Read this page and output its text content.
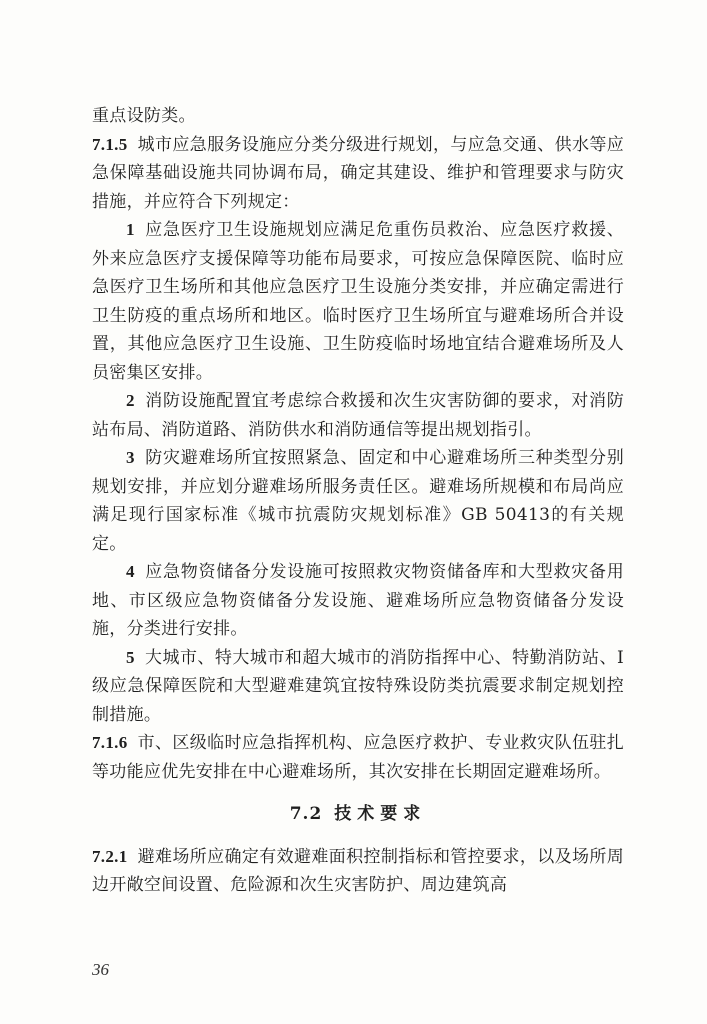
重点设防类。

7.1.5 城市应急服务设施应分类分级进行规划，与应急交通、供水等应急保障基础设施共同协调布局，确定其建设、维护和管理要求与防灾措施，并应符合下列规定：

1 应急医疗卫生设施规划应满足危重伤员救治、应急医疗救援、外来应急医疗支援保障等功能布局要求，可按应急保障医院、临时应急医疗卫生场所和其他应急医疗卫生设施分类安排，并应确定需进行卫生防疫的重点场所和地区。临时医疗卫生场所宜与避难场所合并设置，其他应急医疗卫生设施、卫生防疫临时场地宜结合避难场所及人员密集区安排。

2 消防设施配置宜考虑综合救援和次生灾害防御的要求，对消防站布局、消防道路、消防供水和消防通信等提出规划指引。

3 防灾避难场所宜按照紧急、固定和中心避难场所三种类型分别规划安排，并应划分避难场所服务责任区。避难场所规模和布局尚应满足现行国家标准《城市抗震防灾规划标准》GB 50413的有关规定。

4 应急物资储备分发设施可按照救灾物资储备库和大型救灾备用地、市区级应急物资储备分发设施、避难场所应急物资储备分发设施，分类进行安排。

5 大城市、特大城市和超大城市的消防指挥中心、特勤消防站、Ⅰ级应急保障医院和大型避难建筑宜按特殊设防类抗震要求制定规划控制措施。

7.1.6 市、区级临时应急指挥机构、应急医疗救护、专业救灾队伍驻扎等功能应优先安排在中心避难场所，其次安排在长期固定避难场所。

7.2 技术要求

7.2.1 避难场所应确定有效避难面积控制指标和管控要求，以及场所周边开敞空间设置、危险源和次生灾害防护、周边建筑高

36
